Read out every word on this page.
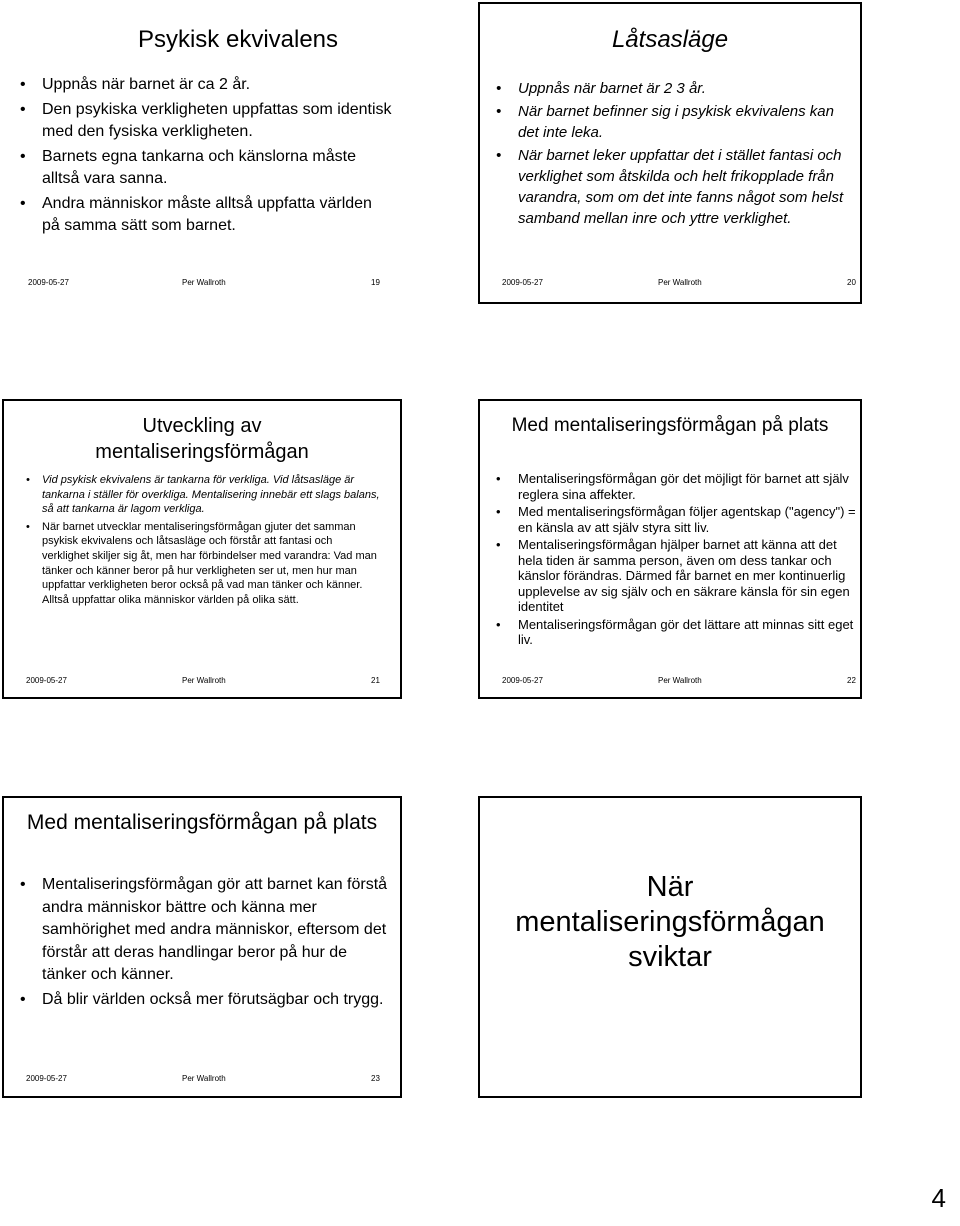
Psykisk ekvivalens
• Uppnås när barnet är ca 2 år.
• Den psykiska verkligheten uppfattas som identisk med den fysiska verkligheten.
• Barnets egna tankarna och känslorna måste alltså vara sanna.
• Andra människor måste alltså uppfatta världen på samma sätt som barnet.
2009-05-27	Per Wallroth	19
Låtsasläge
• Uppnås när barnet är 2 3 år.
• När barnet befinner sig i psykisk ekvivalens kan det inte leka.
• När barnet leker uppfattar det i stället fantasi och verklighet som åtskilda och helt frikopplade från varandra, som om det inte fanns något som helst samband mellan inre och yttre verklighet.
2009-05-27	Per Wallroth	20
Utveckling av mentaliseringsförmågan
• Vid psykisk ekvivalens är tankarna för verkliga. Vid låtsasläge är tankarna i ställer för overkliga. Mentalisering innebär ett slags balans, så att tankarna är lagom verkliga.
• När barnet utvecklar mentaliseringsförmågan gjuter det samman psykisk ekvivalens och låtsasläge och förstår att fantasi och verklighet skiljer sig åt, men har förbindelser med varandra: Vad man tänker och känner beror på hur verkligheten ser ut, men hur man uppfattar verkligheten beror också på vad man tänker och känner. Alltså uppfattar olika människor världen på olika sätt.
2009-05-27	Per Wallroth	21
Med mentaliseringsförmågan på plats
• Mentaliseringsförmågan gör det möjligt för barnet att själv reglera sina affekter.
• Med mentaliseringsförmågan följer agentskap ("agency") = en känsla av att själv styra sitt liv.
• Mentaliseringsförmågan hjälper barnet att känna att det hela tiden är samma person, även om dess tankar och känslor förändras. Därmed får barnet en mer kontinuerlig upplevelse av sig själv och en säkrare känsla för sin egen identitet
• Mentaliseringsförmågan gör det lättare att minnas sitt eget liv.
2009-05-27	Per Wallroth	22
Med mentaliseringsförmågan på plats
• Mentaliseringsförmågan gör att barnet kan förstå andra människor bättre och känna mer samhörighet med andra människor, eftersom det förstår att deras handlingar beror på hur de tänker och känner.
• Då blir världen också mer förutsägbar och trygg.
2009-05-27	Per Wallroth	23
När mentaliseringsförmågan sviktar
4
